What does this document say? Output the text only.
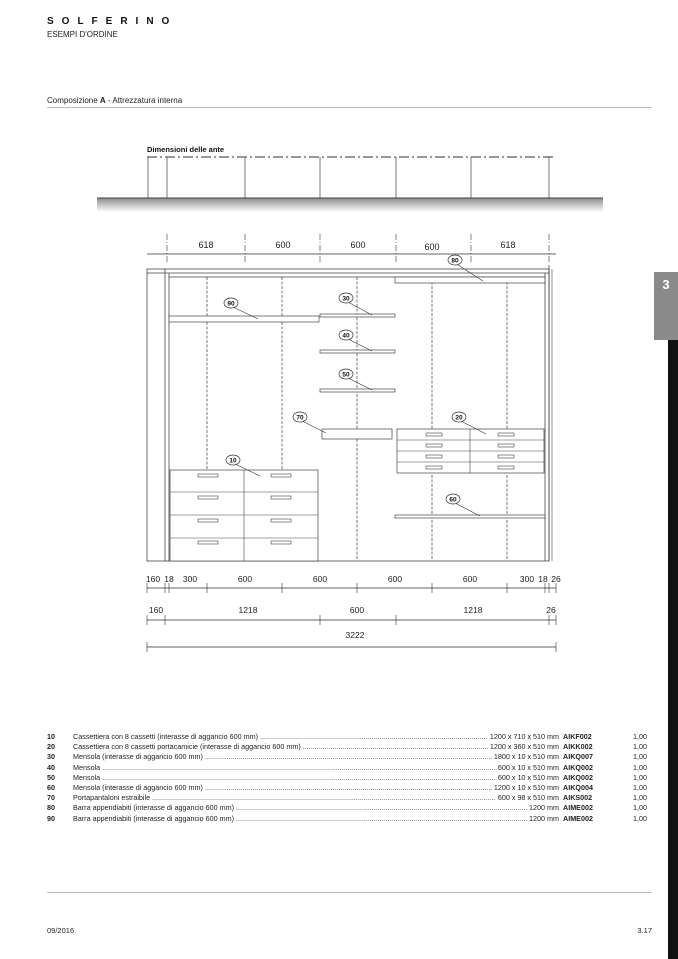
SOLFERINO
ESEMPI D'ORDINE
Composizione A - Attrezzatura interna
3
Dimensioni delle ante
618	600	600	600	618
90
30
40
50
80
70	20
10
60
160 18 300	600	600	600	600	300 18 26
160	1218	600	1218	26
3222
10	Cassettiera con 8 cassetti (interasse di aggancio 600 mm) .....	1200 x 710 x 510 mm AIKF002	1,00
20	Cassettiera con 8 cassetti portacamicie (interasse di aggancio 600 mm) .....	1200 x 360 x 510 mm AIKK002	1,00
30	Mensola (interasse di aggancio 600 mm) .....	1800 x 10 x 510 mm AIKQ007	1,00
40	Mensola .....	600 x 10 x 510 mm AIKQ002	1,00
50	Mensola .....	600 x 10 x 510 mm AIKQ002	1,00
60	Mensola (interasse di aggancio 600 mm) .....	1200 x 10 x 510 mm AIKQ004	1,00
70	Portapantaloni estraibile .....	600 x 98 x 510 mm AIKS002	1,00
80	Barra appendiabiti (interasse di aggancio 600 mm) .....	1200 mm AIME002	1,00
90	Barra appendiabiti (interasse di aggancio 600 mm) .....	1200 mm AIME002	1,00
09/2016	3.17
